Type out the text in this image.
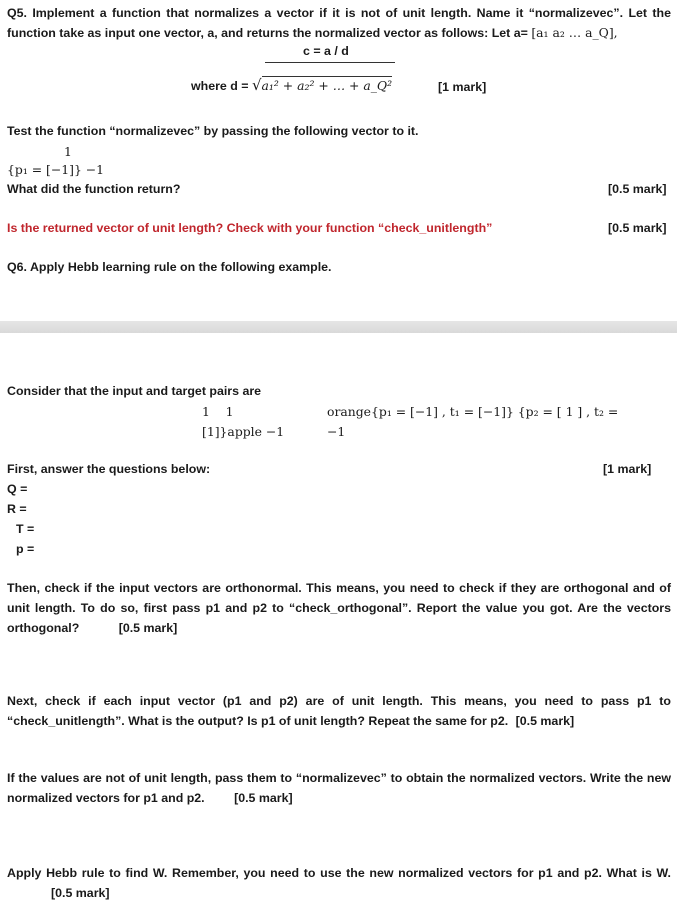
Q5. Implement a function that normalizes a vector if it is not of unit length. Name it “normalizevec”. Let the function take as input one vector, a, and returns the normalized vector as follows: Let a= [a₁ a₂ … a_Q],
c = a / d
where d = √a₁² + a₂² + … + a_Q²	[1 mark]
Test the function “normalizevec” by passing the following vector to it.
1
{p₁ = [−1]} −1
What did the function return?	[0.5 mark]
Is the returned vector of unit length? Check with your function “check_unitlength”	[0.5 mark]
Q6. Apply Hebb learning rule on the following example.
Consider that the input and target pairs are
1    1	orange{p₁ = [−1] , t₁ = [−1]} {p₂ = [ 1 ] , t₂ =
[1]}apple −1	−1
First, answer the questions below:	[1 mark]
Q =
R =
T =
p =
Then, check if the input vectors are orthonormal. This means, you need to check if they are orthogonal and of unit length. To do so, first pass p1 and p2 to “check_orthogonal”. Report the value you got. Are the vectors orthogonal?	[0.5 mark]
Next, check if each input vector (p1 and p2) are of unit length. This means, you need to pass p1 to “check_unitlength”. What is the output? Is p1 of unit length? Repeat the same for p2. [0.5 mark]
If the values are not of unit length, pass them to “normalizevec” to obtain the normalized vectors. Write the new normalized vectors for p1 and p2. [0.5 mark]
Apply Hebb rule to find W. Remember, you need to use the new normalized vectors for p1 and p2. What is W. [0.5 mark]
